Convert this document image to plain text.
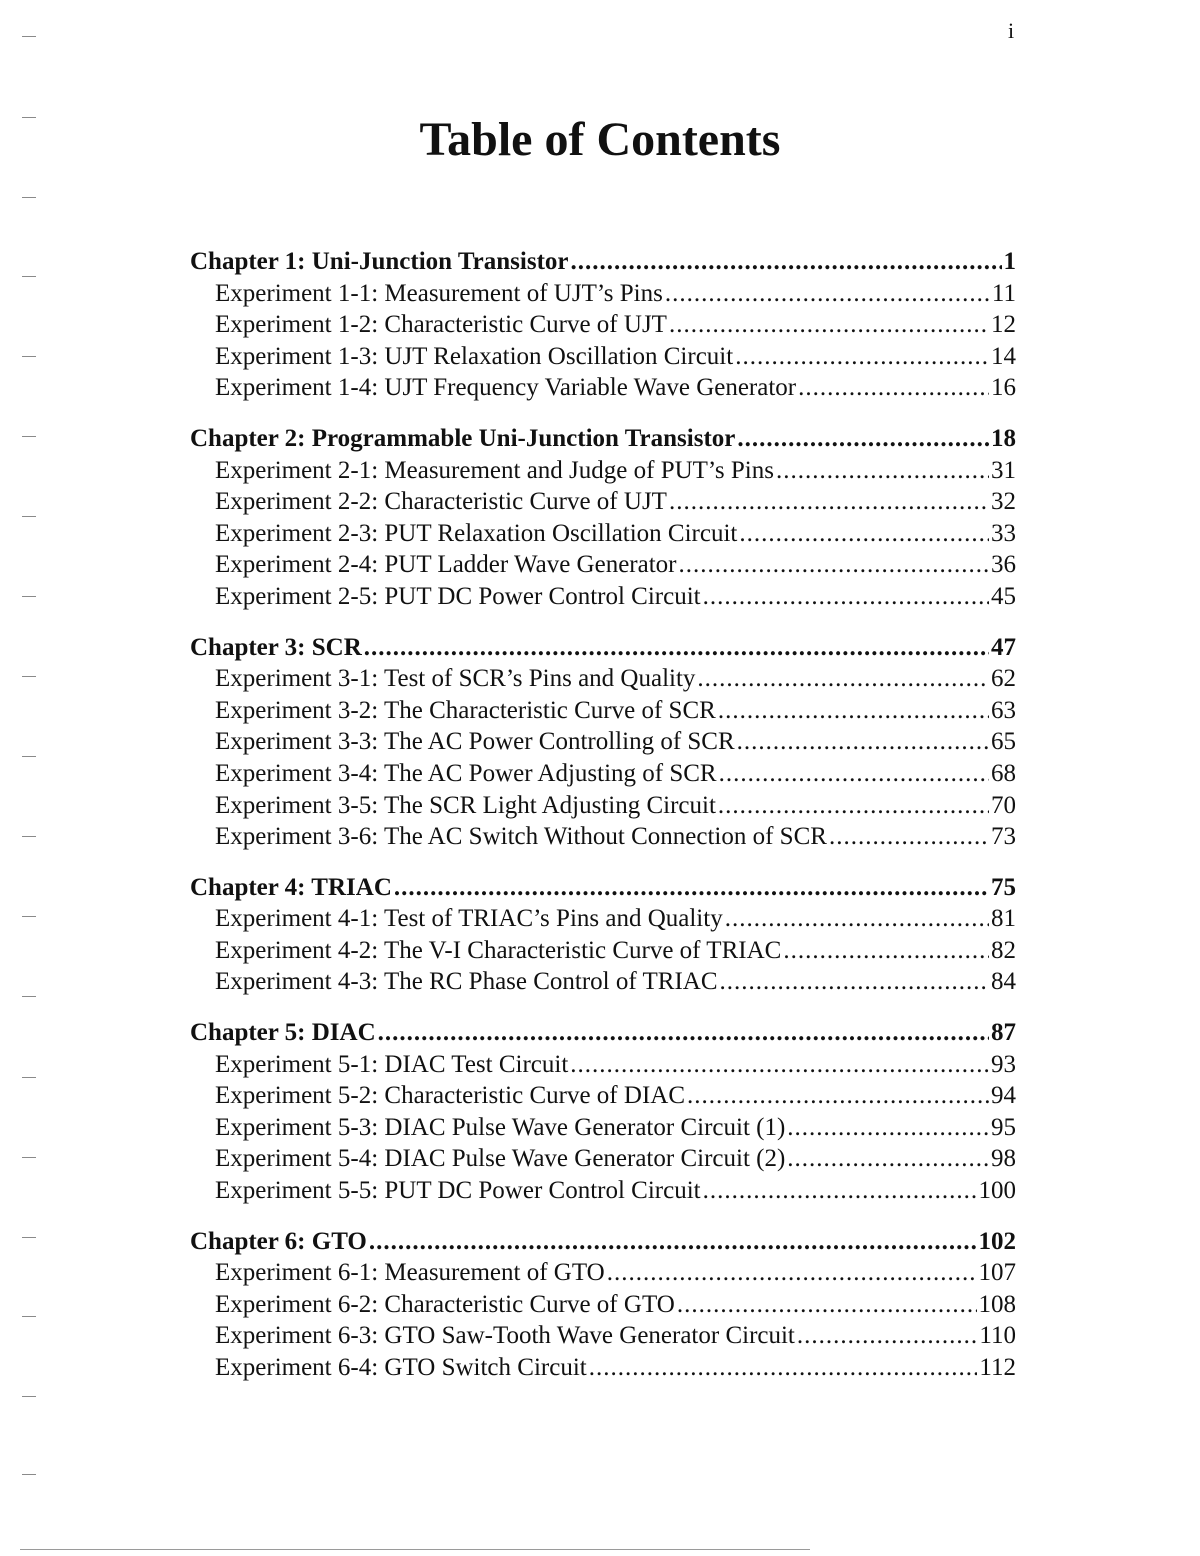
i
Table of Contents
Chapter 1: Uni-Junction Transistor .....	1
Experiment 1-1: Measurement of UJT’s Pins .....	11
Experiment 1-2: Characteristic Curve of UJT .....	12
Experiment 1-3: UJT Relaxation Oscillation Circuit .....	14
Experiment 1-4: UJT Frequency Variable Wave Generator .....	16
Chapter 2: Programmable Uni-Junction Transistor .....	18
Experiment 2-1: Measurement and Judge of PUT’s Pins .....	31
Experiment 2-2: Characteristic Curve of UJT .....	32
Experiment 2-3: PUT Relaxation Oscillation Circuit .....	33
Experiment 2-4: PUT Ladder Wave Generator .....	36
Experiment 2-5: PUT DC Power Control Circuit .....	45
Chapter 3: SCR .....	47
Experiment 3-1: Test of SCR’s Pins and Quality .....	62
Experiment 3-2: The Characteristic Curve of SCR .....	63
Experiment 3-3: The AC Power Controlling of SCR .....	65
Experiment 3-4: The AC Power Adjusting of SCR .....	68
Experiment 3-5: The SCR Light Adjusting Circuit .....	70
Experiment 3-6: The AC Switch Without Connection of SCR .....	73
Chapter 4: TRIAC .....	75
Experiment 4-1: Test of TRIAC’s Pins and Quality .....	81
Experiment 4-2: The V-I Characteristic Curve of TRIAC .....	82
Experiment 4-3: The RC Phase Control of TRIAC .....	84
Chapter 5: DIAC .....	87
Experiment 5-1: DIAC Test Circuit .....	93
Experiment 5-2: Characteristic Curve of DIAC .....	94
Experiment 5-3: DIAC Pulse Wave Generator Circuit (1) .....	95
Experiment 5-4: DIAC Pulse Wave Generator Circuit (2) .....	98
Experiment 5-5: PUT DC Power Control Circuit .....	100
Chapter 6: GTO .....	102
Experiment 6-1: Measurement of GTO .....	107
Experiment 6-2: Characteristic Curve of GTO .....	108
Experiment 6-3: GTO Saw-Tooth Wave Generator Circuit .....	110
Experiment 6-4: GTO Switch Circuit .....	112
